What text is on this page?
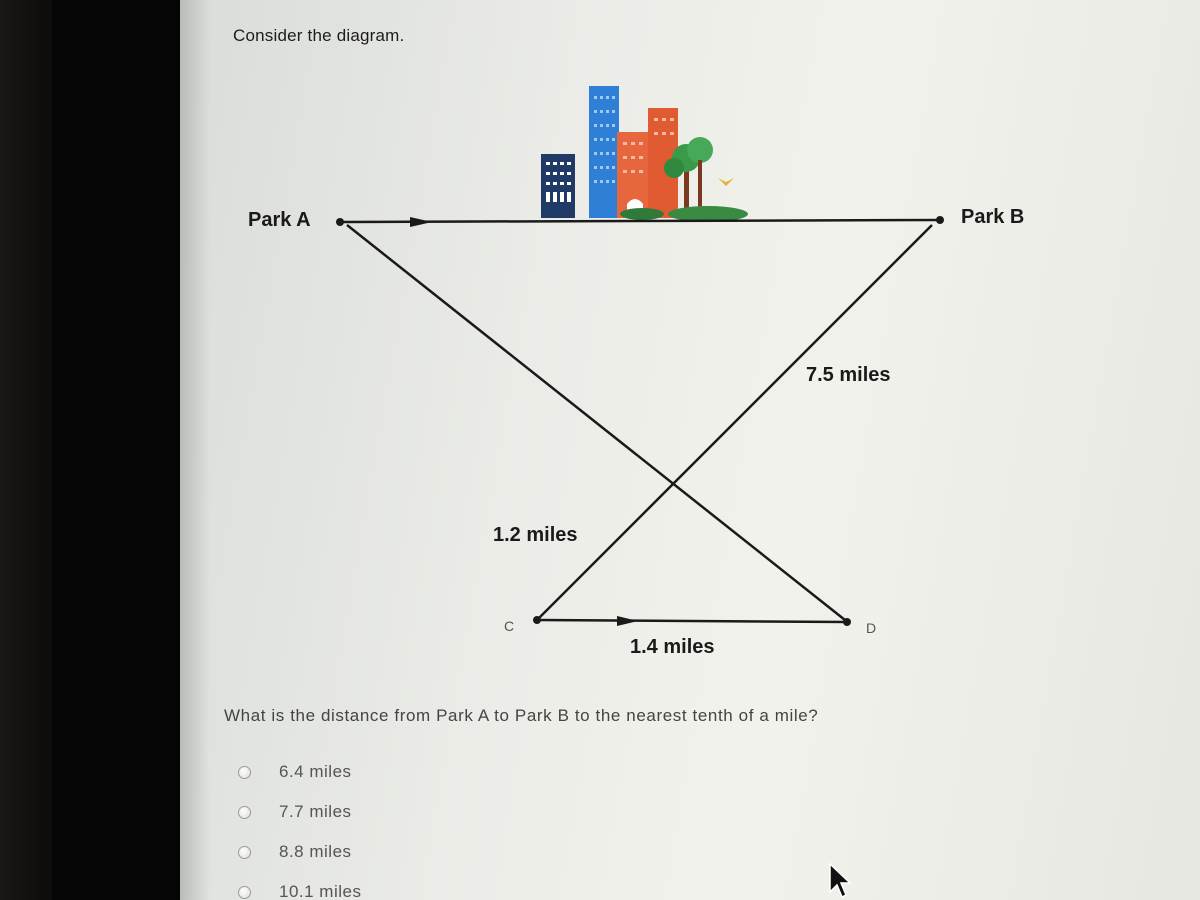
Consider the diagram.
Park A	Park B
7.5 miles
1.2 miles
1.4 miles
C	D
What is the distance from Park A to Park B to the nearest tenth of a mile?
6.4 miles
7.7 miles
8.8 miles
10.1 miles
